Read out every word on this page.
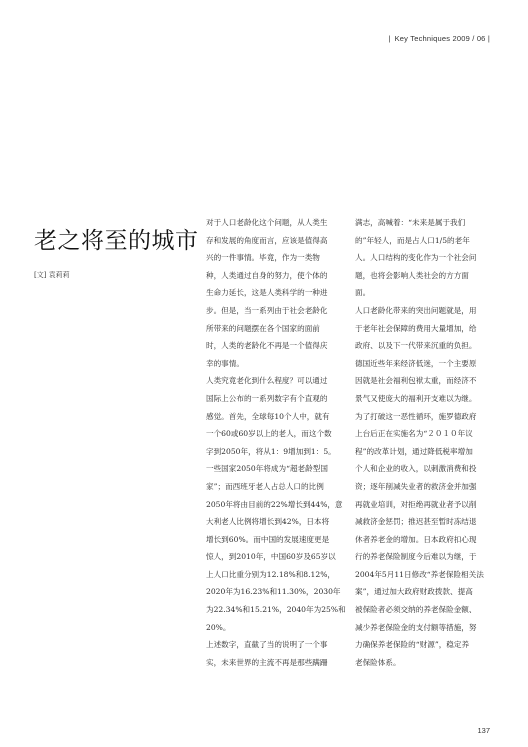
| Key Techniques 2009 / 06 |
老之将至的城市
[文] 袁莉莉

对于人口老龄化这个问题，从人类生
存和发展的角度而言，应该是值得高
兴的一件事情。毕竟，作为一类物
种，人类通过自身的努力，使个体的
生命力延长，这是人类科学的一种进
步。但是，当一系列由于社会老龄化
所带来的问题摆在各个国家的面前
时，人类的老龄化不再是一个值得庆
幸的事情。

人类究竟老化到什么程度？可以通过
国际上公布的一系列数字有个直观的
感觉。首先，全球每10个人中，就有
一个60或60岁以上的老人，而这个数
字到2050年，将从1：9增加到1：5。
一些国家2050年将成为“超老龄型国
家”；而西班牙老人占总人口的比例
2050年将由目前的22%增长到44%，意
大利老人比例将增长到42%，日本将
增长到60%。而中国的发展速度更是
惊人，到2010年，中国60岁及65岁以
上人口比重分别为12.18%和8.12%，
2020年为16.23%和11.30%，2030年
为22.34%和15.21%，2040年为25%和
20%。

上述数字，直截了当的说明了一个事
实，未来世界的主流不再是那些蹒跚

满志，高喊着：“未来是属于我们
的”年轻人，而是占人口1/5的老年
人。人口结构的变化作为一个社会问
题，也将会影响人类社会的方方面
面。

人口老龄化带来的突出问题就是，用
于老年社会保障的费用大量增加，给
政府、以及下一代带来沉重的负担。
德国近些年来经济低迷，一个主要原
因就是社会福利包袱太重，而经济不
景气又使庞大的福利开支难以为继。
为了打破这一恶性循环，施罗德政府
上台后正在实施名为“２０１０年议
程”的改革计划，通过降低税率增加
个人和企业的收入，以刺激消费和投
资；逐年削减失业者的救济金并加强
再就业培训，对拒绝再就业者予以削
减救济金惩罚；推迟甚至暂时冻结退
休者养老金的增加。日本政府扣心现
行的养老保险制度今后难以为继，于
2004年5月11日修改“养老保险相关法
案”，通过加大政府财政拨款、提高
被保险者必须交纳的养老保险金额、
减少养老保险金的支付额等措施，努
力确保养老保险的“财源”，稳定养
老保险体系。

137
